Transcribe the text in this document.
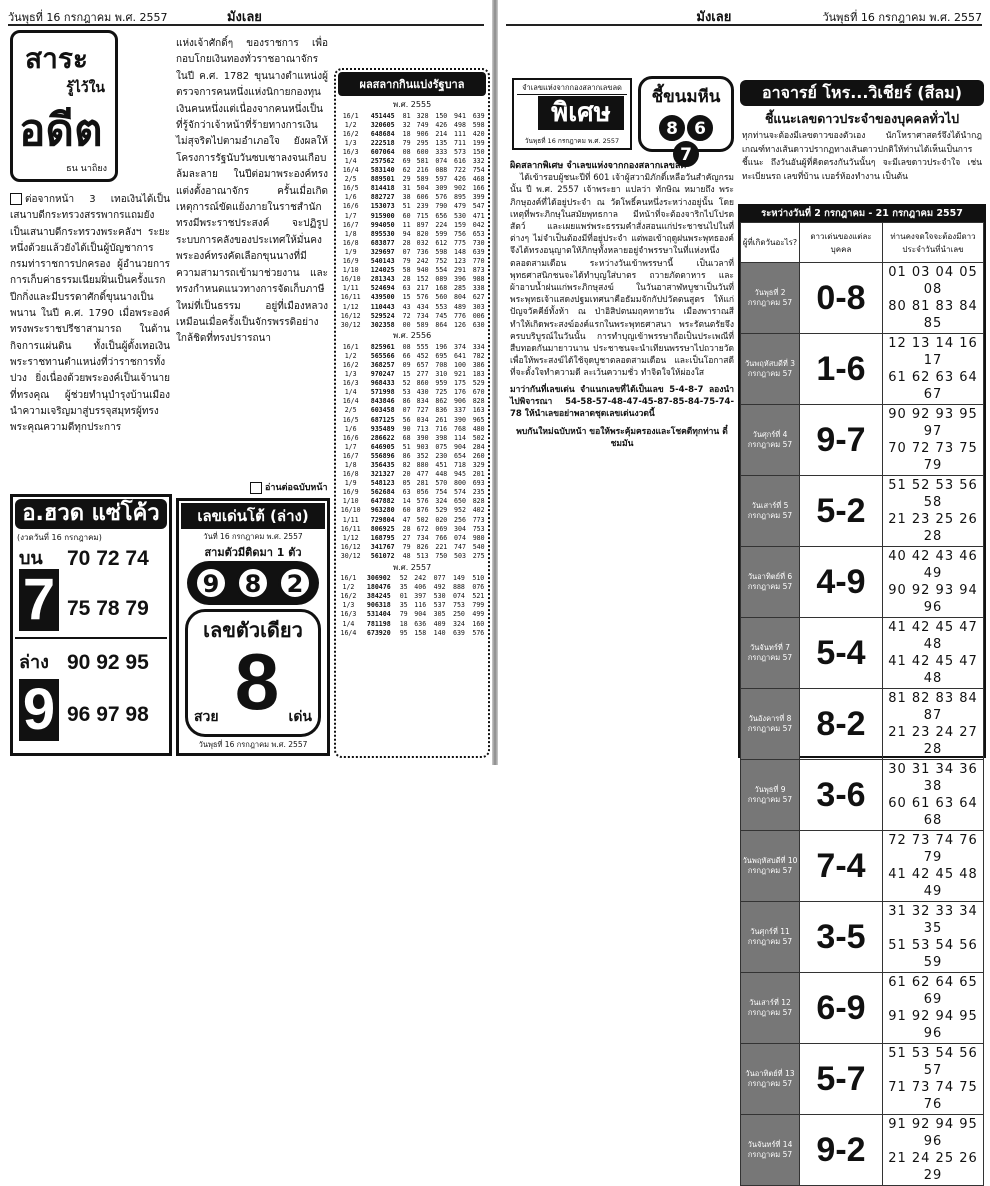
วันพุธที่ 16 กรกฎาคม พ.ศ. 2557	มังเลย
สาระ
รู้ไว้ใน
อดีต
ธน นาถิยง
ต่อจากหน้า 3 เทอเงินได้เป็นเสนาบดีกระทรวงสรรพากรแถมยังเป็นเสนาบดีกระทรวงพระคลังฯ ระยะหนึ่งด้วยแล้วยังได้เป็นผู้บัญชาการกรมท่าราชการปกครอง ผู้อำนวยการการเก็บค่าธรรมเนียมฝิ่นเป็นครั้งแรก ปีกกิ่งและมีบรรดาศักดิ์ขุนนางเป็นพนาน ในปี ค.ศ. 1790 เมื่อพระองค์ทรงพระราชปรีชาสามารถ ในด้านกิจการแผ่นดิน ทั้งเป็นผู้ตั้งเทอเงินพระราชทานตำแหน่งที่ว่าราชการทั้งปวง ยิ่งเนื่องด้วยพระองค์เป็นเจ้านายที่ทรงคุณ ผู้ช่วยทำนุบำรุงบ้านเมืองนำความเจริญมาสู่บรรจุสมุทรผู้ทรงพระคุณความดีทุกประการ
แห่งเจ้าศักดิ์ๆ ของราชการ เพื่อกอบโกยเงินทองทั่วราชอาณาจักร ในปี ค.ศ. 1782 ขุนนางตำแหน่งผู้ตรวจการคนหนึ่งแห่งนิกายกองทุนเงินคนหนึ่งแต่เนื่องจากคนหนึ่งเป็นที่รู้จักว่าเจ้าหน้าที่ร้ายทางการเงินไม่สุจริตไปตามอำเภอใจ ยังผลให้โครงการรัฐนับวันซบเซาลงจนเกือบล้มละลาย ในปีต่อมาพระองค์ทรงแต่งตั้งอาณาจักร ครั้นเมื่อเกิดเหตุการณ์ขัดแย้งภายในราชสำนัก ทรงมีพระราชประสงค์ จะปฏิรูประบบการคลังของประเทศให้มั่นคง พระองค์ทรงคัดเลือกขุนนางที่มีความสามารถเข้ามาช่วยงาน และทรงกำหนดแนวทางการจัดเก็บภาษีใหม่ที่เป็นธรรม อยู่ที่เมืองหลวงเหมือนเมื่อครั้งเป็นจักรพรรดิอย่างใกล้ชิดที่ทรงปรารถนา
อ่านต่อฉบับหน้า
ผลสลากกินแบ่งรัฐบาล
พ.ศ. 2555
16/1	451445	81	328	150	941	639
1/2	320605	32	749	426	498	598
16/2	648684	18	906	214	111	420
1/3	222518	79	295	135	711	199
16/3	607064	08	600	333	573	150
1/4	257562	69	581	074	616	332
16/4	583140	62	216	088	722	754
2/5	889501	29	589	597	426	468
16/5	814418	31	504	309	902	166
1/6	882727	38	606	576	895	399
16/6	153073	51	239	790	479	547
1/7	915900	60	715	656	530	471
16/7	994050	11	897	224	159	042
1/8	895530	94	820	599	756	653
16/8	683877	28	032	612	775	730
1/9	329697	07	736	598	148	639
16/9	540143	79	242	752	123	770
1/10	124025	58	940	554	291	873
16/10	281343	28	152	089	396	988
1/11	524694	63	217	168	285	338
16/11	439500	15	576	560	804	627
1/12	110443	43	434	553	489	303
16/12	529524	72	734	745	776	006
30/12	302358	00	589	864	126	630
พ.ศ. 2556
16/1	825961	08	555	196	374	334
1/2	565566	66	452	695	641	782
16/2	368257	09	657	708	100	386
1/3	970247	15	277	310	921	183
16/3	968433	52	860	959	175	529
1/4	571998	53	430	725	176	670
16/4	843846	86	834	862	906	828
2/5	603458	07	727	836	337	163
16/5	687125	56	034	261	390	965
1/6	935489	90	713	716	768	480
16/6	286622	68	390	398	114	502
1/7	646905	51	903	075	904	284
16/7	556896	86	352	230	654	260
1/8	356435	82	880	451	718	329
16/8	321327	20	477	448	945	201
1/9	548123	05	281	570	800	693
16/9	562684	63	056	754	574	235
1/10	647882	14	576	324	650	828
16/10	963280	60	876	529	952	402
1/11	729804	47	502	020	256	773
16/11	806925	28	672	069	304	753
1/12	168795	27	734	766	074	980
16/12	341767	79	826	221	747	540
30/12	561072	48	513	750	503	275
พ.ศ. 2557
16/1	306902	52	242	077	149	510
1/2	180476	35	406	492	888	076
16/2	384245	01	397	530	074	521
1/3	906318	35	116	537	753	799
16/3	531404	79	904	305	250	499
1/4	781198	18	636	409	324	160
16/4	673920	95	158	140	639	576
อ.ฮวด แซ่โค้ว
(งวดวันที่ 16 กรกฎาคม)
บน
7
70 72 74
75 78 79
ล่าง
9
90 92 95
96 97 98
เลขเด่นโต้ (ล่าง)
วันที่ 16 กรกฎาคม พ.ศ. 2557
สามตัวมีติดมา 1 ตัว
9 8 2
เลขตัวเดียว
8
สวย	เด่น
วันพุธที่ 16 กรกฎาคม พ.ศ. 2557
มังเลย	วันพุธที่ 16 กรกฎาคม พ.ศ. 2557
จำเลขแห่งจากกองสลากเลขลด
พิเศษ
วันพุธที่ 16 กรกฎาคม พ.ศ. 2557
ชี้ขนมหีน
8 67
อาจารย์ โหร...วิเชียร์ (สีลม)
ชี้แนะเลขดาวประจำของบุคคลทั่วไป
ทุกท่านจะต้องมีเลขดาวของตัวเอง นักโหราศาสตร์จึงได้นำกฎเกณฑ์ทางเส้นดาวปรากฏทางเส้นดาวปกติให้ท่านได้เห็นเป็นการชี้แนะ ถึงวันอันผู้ที่คิดตรงกันวันนั้นๆ จะมีเลขดาวประจำใจ เช่น ทะเบียนรถ เลขที่บ้าน เบอร์ห้องทำงาน เป็นต้น
ระหว่างวันที่ 2 กรกฎาคม - 21 กรกฎาคม 2557
ผู้ที่เกิดวันอะไร?	ดาวเด่นของแต่ละบุคคล	ท่านคงจดใจจะต้องมีดาวประจำวันที่นำเลข
วันพุธที่ 2 กรกฎาคม 57	0-8	01 03 04 05 08
80 81 83 84 85

วันพฤหัสบดีที่ 3 กรกฎาคม 57	1-6	12 13 14 16 17
61 62 63 64 67

วันศุกร์ที่ 4 กรกฎาคม 57	9-7	90 92 93 95 97
70 72 73 75 79

วันเสาร์ที่ 5 กรกฎาคม 57	5-2	51 52 53 56 58
21 23 25 26 28

วันอาทิตย์ที่ 6 กรกฎาคม 57	4-9	40 42 43 46 49
90 92 93 94 96

วันจันทร์ที่ 7 กรกฎาคม 57	5-4	41 42 45 47 48
41 42 45 47 48

วันอังคารที่ 8 กรกฎาคม 57	8-2	81 82 83 84 87
21 23 24 27 28

วันพุธที่ 9 กรกฎาคม 57	3-6	30 31 34 36 38
60 61 63 64 68

วันพฤหัสบดีที่ 10 กรกฎาคม 57	7-4	72 73 74 76 79
41 42 45 48 49

วันศุกร์ที่ 11 กรกฎาคม 57	3-5	31 32 33 34 35
51 53 54 56 59

วันเสาร์ที่ 12 กรกฎาคม 57	6-9	61 62 64 65 69
91 92 94 95 96

วันอาทิตย์ที่ 13 กรกฎาคม 57	5-7	51 53 54 56 57
71 73 74 75 76

วันจันทร์ที่ 14 กรกฎาคม 57	9-2	91 92 94 95 96
21 24 25 26 29
ผิดสลากพิเศษ จำเลขแห่งจากกองสลากเลขลด
ได้เข้ารอบผู้ชนะปีที่ 601 เจ้าผู้สวามิภักดิ์เหลือวันสำคัญกรมนั้น ปี พ.ศ. 2557 เจ้าพระยา แปลว่า ทักษิณ หมายถึง พระภิกษุองค์ที่ได้อยู่ประจำ ณ วัดโพธิ์คนหนึ่งระหว่างอยู่นั้น โดยเหตุที่พระภิกษุในสมัยพุทธกาล มีหน้าที่จะต้องจาริกไปโปรดสัตว์ และเผยแพร่พระธรรมคำสั่งสอนแก่ประชาชนไปในที่ต่างๆ ไม่จำเป็นต้องมีที่อยู่ประจำ แต่พอเข้าฤดูฝนพระพุทธองค์จึงได้ทรงอนุญาตให้ภิกษุทั้งหลายอยู่จำพรรษาในที่แห่งหนึ่งตลอดสามเดือน ระหว่างวันเข้าพรรษานี้ เป็นเวลาที่พุทธศาสนิกชนจะได้ทำบุญใส่บาตร ถวายภัตตาหาร และผ้าอาบน้ำฝนแก่พระภิกษุสงฆ์ ในวันอาสาฬหบูชาเป็นวันที่พระพุทธเจ้าแสดงปฐมเทศนาคือธัมมจักกัปปวัตตนสูตร ให้แก่ปัญจวัคคีย์ทั้งห้า ณ ป่าอิสิปตนมฤคทายวัน เมืองพาราณสี ทำให้เกิดพระสงฆ์องค์แรกในพระพุทธศาสนา พระรัตนตรัยจึงครบบริบูรณ์ในวันนั้น การทำบุญเข้าพรรษาถือเป็นประเพณีที่สืบทอดกันมายาวนาน ประชาชนจะนำเทียนพรรษาไปถวายวัดเพื่อให้พระสงฆ์ได้ใช้จุดบูชาตลอดสามเดือน และเป็นโอกาสดีที่จะตั้งใจทำความดี ละเว้นความชั่ว ทำจิตใจให้ผ่องใส
มาว่ากันที่เลขเด่น จำแนกเลขที่ได้เป็นเลข 5-4-8-7 ลองนำไปพิจารณา 54-58-57-48-47-45-87-85-84-75-74-78 ให้นำเลขอย่าพลาดชุดเลขเด่นงวดนี้
พบกันใหม่ฉบับหน้า ขอให้พระคุ้มครองและโชคดีทุกท่าน ตี๋ ชมมัน
